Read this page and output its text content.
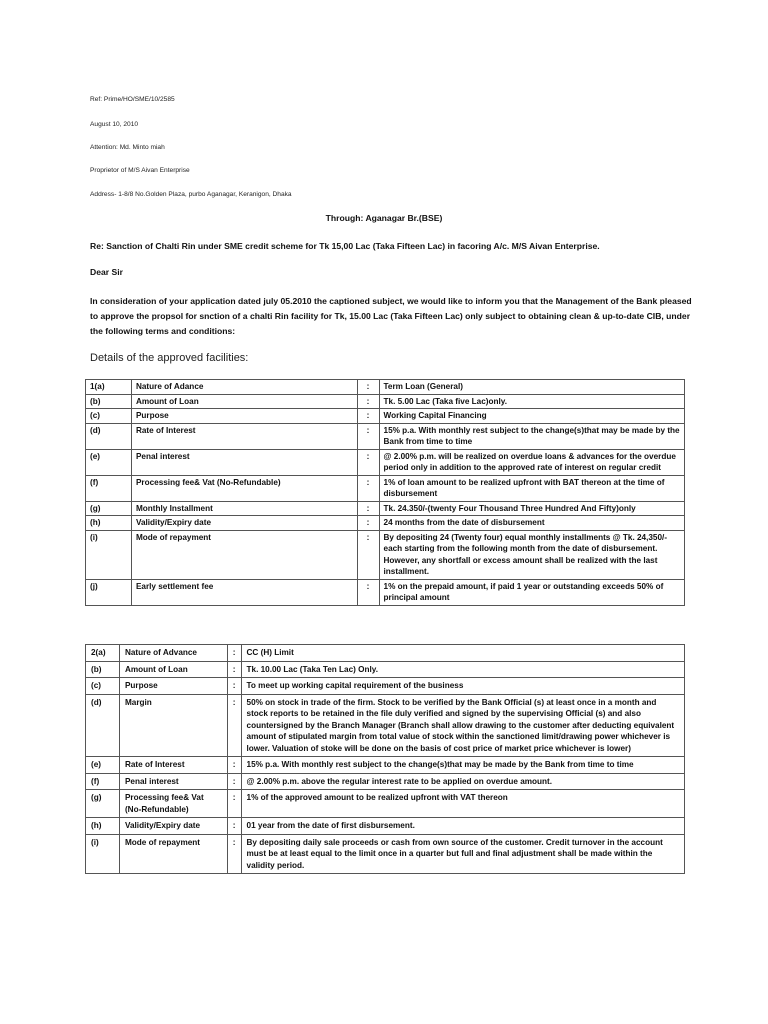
Ref: Prime/HO/SME/10/2585
August 10, 2010
Attention: Md. Minto miah
Proprietor of M/S Aivan Enterprise
Address- 1-8/8 No.Golden Plaza, purbo Aganagar, Keranigon, Dhaka
Through: Aganagar Br.(BSE)
Re: Sanction of Chalti Rin under SME credit scheme for Tk 15,00 Lac (Taka Fifteen Lac) in facoring A/c. M/S Aivan Enterprise.
Dear Sir
In consideration of your application dated july 05.2010 the captioned subject, we would like to inform you that the Management of the Bank pleased to approve the propsol for snction of a chalti Rin facility for Tk, 15.00 Lac (Taka Fifteen Lac) only subject to obtaining clean & up-to-date CIB, under the following terms and conditions:
Details of the approved facilities:
1(a)	Nature of Adance	:	Term Loan (General)
(b)	Amount of Loan	:	Tk. 5.00 Lac (Taka five Lac)only.
(c)	Purpose	:	Working Capital Financing
(d)	Rate of Interest	:	15% p.a. With monthly rest subject to the change(s)that may be made by the Bank from time to time
(e)	Penal interest	:	@ 2.00% p.m. will be realized on overdue loans & advances for the overdue period only in addition to the approved rate of interest on regular credit
(f)	Processing fee& Vat (No-Refundable)	:	1% of loan amount to be realized upfront with BAT thereon at the time of disbursement
(g)	Monthly Installment	:	Tk. 24.350/-(twenty Four Thousand Three Hundred And Fifty)only
(h)	Validity/Expiry date	:	24 months from the date of disbursement
(i)	Mode of repayment	:	By depositing 24 (Twenty four) equal monthly installments @ Tk. 24,350/- each starting from the following month from the date of disbursement. However, any shortfall or excess amount shall be realized with the last installment.
(j)	Early settlement fee	:	1% on the prepaid amount, if paid 1 year or outstanding exceeds 50% of principal amount
2(a)	Nature of Advance	:	CC (H) Limit
(b)	Amount of Loan	:	Tk. 10.00 Lac (Taka Ten Lac) Only.
(c)	Purpose	:	To meet up working capital requirement of the business
(d)	Margin	:	50% on stock in trade of the firm. Stock to be verified by the Bank Official (s) at least once in a month and stock reports to be retained in the file duly verified and signed by the supervising Official (s) and also countersigned by the Branch Manager (Branch shall allow drawing to the customer after deducting equivalent amount of stipulated margin from total value of stock within the sanctioned limit/drawing power whichever is lower. Valuation of stoke will be done on the basis of cost price of market price whichever is lower)
(e)	Rate of Interest	:	15% p.a. With monthly rest subject to the change(s)that may be made by the Bank from time to time
(f)	Penal interest	:	@ 2.00% p.m. above the regular interest rate to be applied on overdue amount.
(g)	Processing fee& Vat (No-Refundable)	:	1% of the approved amount to be realized upfront with VAT thereon
(h)	Validity/Expiry date	:	01 year from the date of first disbursement.
(i)	Mode of repayment	:	By depositing daily sale proceeds or cash from own source of the customer. Credit turnover in the account must be at least equal to the limit once in a quarter but full and final adjustment shall be made within the validity period.
